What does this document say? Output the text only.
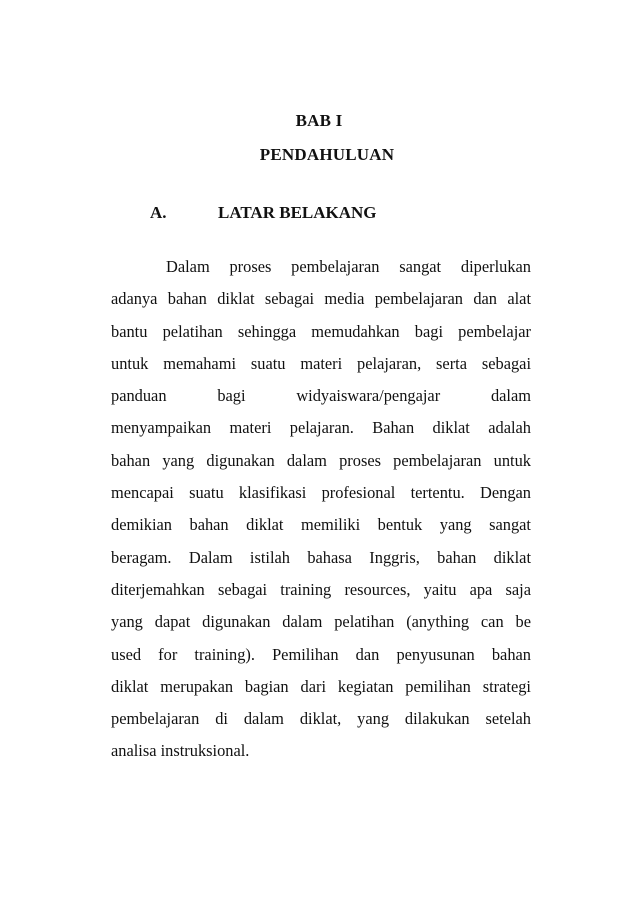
BAB I
PENDAHULUAN
A.	LATAR BELAKANG
Dalam proses pembelajaran sangat diperlukan
adanya bahan diklat sebagai media pembelajaran dan alat
bantu pelatihan sehingga memudahkan bagi pembelajar
untuk memahami suatu materi pelajaran, serta sebagai
panduan bagi widyaiswara/pengajar dalam
menyampaikan materi pelajaran. Bahan diklat adalah
bahan yang digunakan dalam proses pembelajaran untuk
mencapai suatu klasifikasi profesional tertentu. Dengan
demikian bahan diklat memiliki bentuk yang sangat
beragam. Dalam istilah bahasa Inggris, bahan diklat
diterjemahkan sebagai training resources, yaitu apa saja
yang dapat digunakan dalam pelatihan (anything can be
used for training). Pemilihan dan penyusunan bahan
diklat merupakan bagian dari kegiatan pemilihan strategi
pembelajaran di dalam diklat, yang dilakukan setelah
analisa instruksional.
